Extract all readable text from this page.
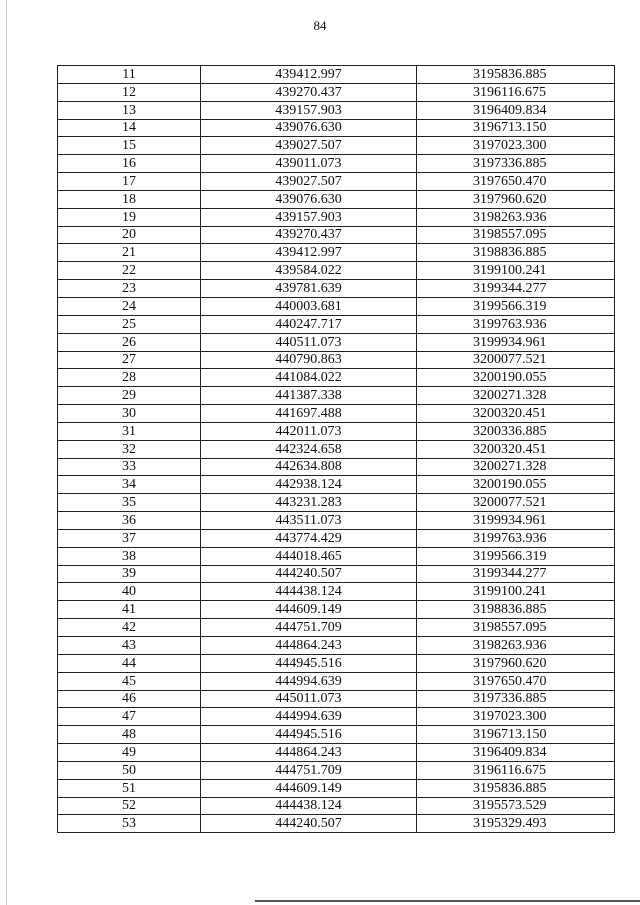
84
11	439412.997	3195836.885
12	439270.437	3196116.675
13	439157.903	3196409.834
14	439076.630	3196713.150
15	439027.507	3197023.300
16	439011.073	3197336.885
17	439027.507	3197650.470
18	439076.630	3197960.620
19	439157.903	3198263.936
20	439270.437	3198557.095
21	439412.997	3198836.885
22	439584.022	3199100.241
23	439781.639	3199344.277
24	440003.681	3199566.319
25	440247.717	3199763.936
26	440511.073	3199934.961
27	440790.863	3200077.521
28	441084.022	3200190.055
29	441387.338	3200271.328
30	441697.488	3200320.451
31	442011.073	3200336.885
32	442324.658	3200320.451
33	442634.808	3200271.328
34	442938.124	3200190.055
35	443231.283	3200077.521
36	443511.073	3199934.961
37	443774.429	3199763.936
38	444018.465	3199566.319
39	444240.507	3199344.277
40	444438.124	3199100.241
41	444609.149	3198836.885
42	444751.709	3198557.095
43	444864.243	3198263.936
44	444945.516	3197960.620
45	444994.639	3197650.470
46	445011.073	3197336.885
47	444994.639	3197023.300
48	444945.516	3196713.150
49	444864.243	3196409.834
50	444751.709	3196116.675
51	444609.149	3195836.885
52	444438.124	3195573.529
53	444240.507	3195329.493
